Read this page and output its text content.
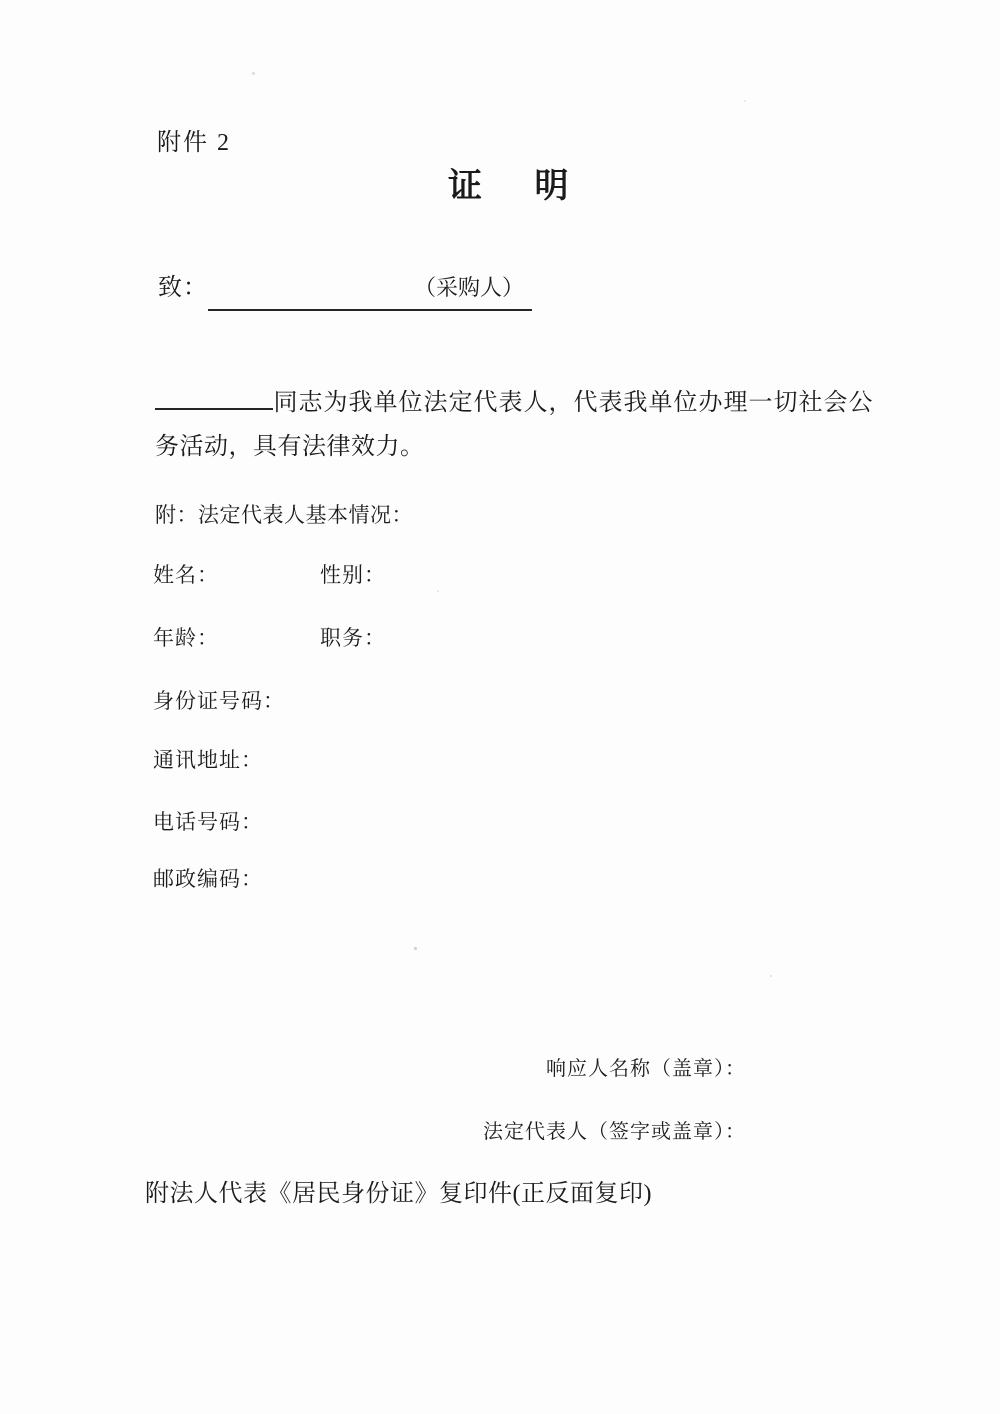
附件 2
证 明
致：	（采购人）
同志为我单位法定代表人，代表我单位办理一切社会公务活动，具有法律效力。
附：法定代表人基本情况：
姓名：	性别：
年龄：	职务：
身份证号码：
通讯地址：
电话号码：
邮政编码：
响应人名称（盖章）：
法定代表人（签字或盖章）：
附法人代表《居民身份证》复印件(正反面复印)
